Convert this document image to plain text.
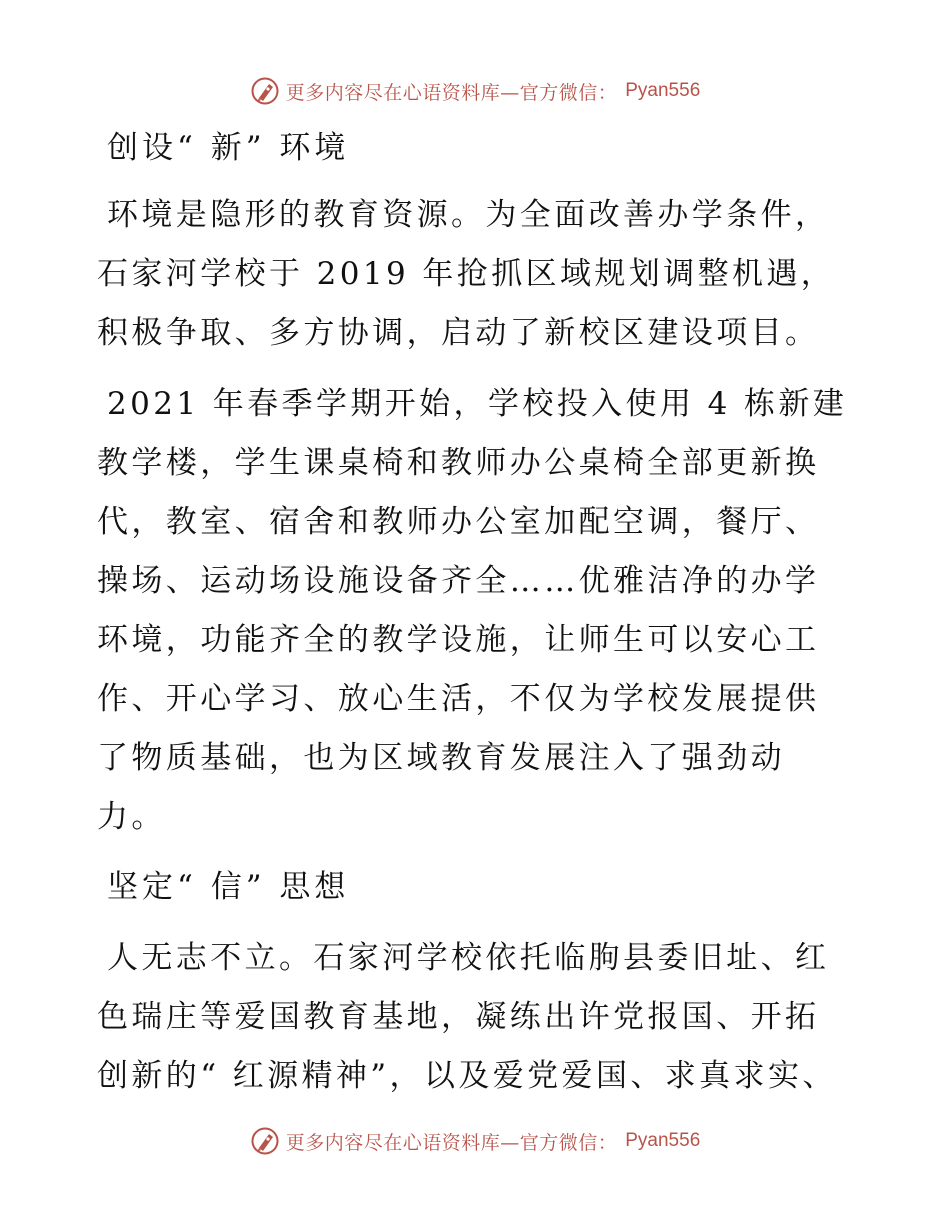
更多内容尽在心语资料库—官方微信： Pyan556
创设“ 新” 环境

环境是隐形的教育资源。为全面改善办学条件，石家河学校于 2019 年抢抓区域规划调整机遇，积极争取、多方协调，启动了新校区建设项目。

2021 年春季学期开始，学校投入使用 4 栋新建教学楼，学生课桌椅和教师办公桌椅全部更新换代，教室、宿舍和教师办公室加配空调，餐厅、操场、运动场设施设备齐全……优雅洁净的办学环境，功能齐全的教学设施，让师生可以安心工作、开心学习、放心生活，不仅为学校发展提供了物质基础，也为区域教育发展注入了强劲动力。

坚定“ 信” 思想

人无志不立。石家河学校依托临朐县委旧址、红色瑞庄等爱国教育基地，凝练出许党报国、开拓创新的“ 红源精神”，以及爱党爱国、求真求实、

更多内容尽在心语资料库—官方微信： Pyan556
